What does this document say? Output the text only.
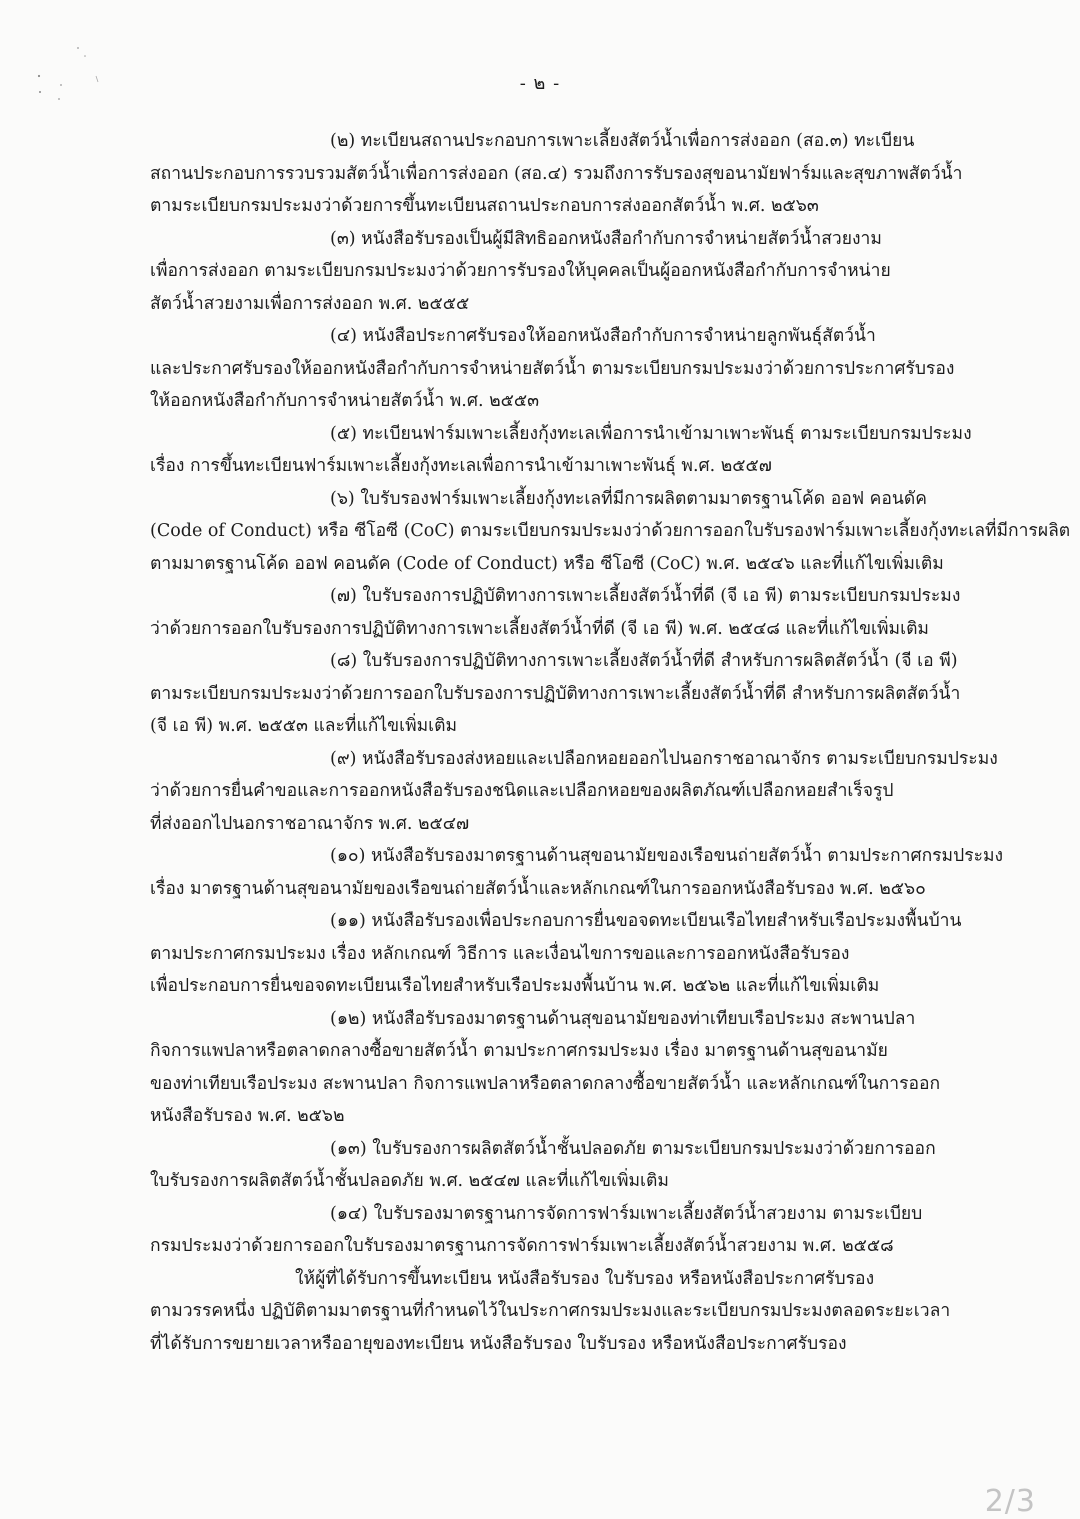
- ๒ -
(๒) ทะเบียนสถานประกอบการเพาะเลี้ยงสัตว์น้ำเพื่อการส่งออก (สอ.๓) ทะเบียน
สถานประกอบการรวบรวมสัตว์น้ำเพื่อการส่งออก (สอ.๔) รวมถึงการรับรองสุขอนามัยฟาร์มและสุขภาพสัตว์น้ำ
ตามระเบียบกรมประมงว่าด้วยการขึ้นทะเบียนสถานประกอบการส่งออกสัตว์น้ำ พ.ศ. ๒๕๖๓
(๓) หนังสือรับรองเป็นผู้มีสิทธิออกหนังสือกำกับการจำหน่ายสัตว์น้ำสวยงาม
เพื่อการส่งออก ตามระเบียบกรมประมงว่าด้วยการรับรองให้บุคคลเป็นผู้ออกหนังสือกำกับการจำหน่าย
สัตว์น้ำสวยงามเพื่อการส่งออก พ.ศ. ๒๕๕๕
(๔) หนังสือประกาศรับรองให้ออกหนังสือกำกับการจำหน่ายลูกพันธุ์สัตว์น้ำ
และประกาศรับรองให้ออกหนังสือกำกับการจำหน่ายสัตว์น้ำ ตามระเบียบกรมประมงว่าด้วยการประกาศรับรอง
ให้ออกหนังสือกำกับการจำหน่ายสัตว์น้ำ พ.ศ. ๒๕๕๓
(๕) ทะเบียนฟาร์มเพาะเลี้ยงกุ้งทะเลเพื่อการนำเข้ามาเพาะพันธุ์ ตามระเบียบกรมประมง
เรื่อง การขึ้นทะเบียนฟาร์มเพาะเลี้ยงกุ้งทะเลเพื่อการนำเข้ามาเพาะพันธุ์ พ.ศ. ๒๕๕๗
(๖) ใบรับรองฟาร์มเพาะเลี้ยงกุ้งทะเลที่มีการผลิตตามมาตรฐานโค้ด ออฟ คอนดัค
(Code of Conduct) หรือ ซีโอซี (CoC) ตามระเบียบกรมประมงว่าด้วยการออกใบรับรองฟาร์มเพาะเลี้ยงกุ้งทะเลที่มีการผลิต
ตามมาตรฐานโค้ด ออฟ คอนดัค (Code of Conduct) หรือ ซีโอซี (CoC) พ.ศ. ๒๕๔๖ และที่แก้ไขเพิ่มเติม
(๗) ใบรับรองการปฏิบัติทางการเพาะเลี้ยงสัตว์น้ำที่ดี (จี เอ พี) ตามระเบียบกรมประมง
ว่าด้วยการออกใบรับรองการปฏิบัติทางการเพาะเลี้ยงสัตว์น้ำที่ดี (จี เอ พี) พ.ศ. ๒๕๔๘ และที่แก้ไขเพิ่มเติม
(๘) ใบรับรองการปฏิบัติทางการเพาะเลี้ยงสัตว์น้ำที่ดี สำหรับการผลิตสัตว์น้ำ (จี เอ พี)
ตามระเบียบกรมประมงว่าด้วยการออกใบรับรองการปฏิบัติทางการเพาะเลี้ยงสัตว์น้ำที่ดี สำหรับการผลิตสัตว์น้ำ
(จี เอ พี) พ.ศ. ๒๕๕๓ และที่แก้ไขเพิ่มเติม
(๙) หนังสือรับรองส่งหอยและเปลือกหอยออกไปนอกราชอาณาจักร ตามระเบียบกรมประมง
ว่าด้วยการยื่นคำขอและการออกหนังสือรับรองชนิดและเปลือกหอยของผลิตภัณฑ์เปลือกหอยสำเร็จรูป
ที่ส่งออกไปนอกราชอาณาจักร พ.ศ. ๒๕๔๗
(๑๐) หนังสือรับรองมาตรฐานด้านสุขอนามัยของเรือขนถ่ายสัตว์น้ำ ตามประกาศกรมประมง
เรื่อง มาตรฐานด้านสุขอนามัยของเรือขนถ่ายสัตว์น้ำและหลักเกณฑ์ในการออกหนังสือรับรอง พ.ศ. ๒๕๖๐
(๑๑) หนังสือรับรองเพื่อประกอบการยื่นขอจดทะเบียนเรือไทยสำหรับเรือประมงพื้นบ้าน
ตามประกาศกรมประมง เรื่อง หลักเกณฑ์ วิธีการ และเงื่อนไขการขอและการออกหนังสือรับรอง
เพื่อประกอบการยื่นขอจดทะเบียนเรือไทยสำหรับเรือประมงพื้นบ้าน พ.ศ. ๒๕๖๒ และที่แก้ไขเพิ่มเติม
(๑๒) หนังสือรับรองมาตรฐานด้านสุขอนามัยของท่าเทียบเรือประมง สะพานปลา
กิจการแพปลาหรือตลาดกลางซื้อขายสัตว์น้ำ ตามประกาศกรมประมง เรื่อง มาตรฐานด้านสุขอนามัย
ของท่าเทียบเรือประมง สะพานปลา กิจการแพปลาหรือตลาดกลางซื้อขายสัตว์น้ำ และหลักเกณฑ์ในการออก
หนังสือรับรอง พ.ศ. ๒๕๖๒
(๑๓) ใบรับรองการผลิตสัตว์น้ำชั้นปลอดภัย ตามระเบียบกรมประมงว่าด้วยการออก
ใบรับรองการผลิตสัตว์น้ำชั้นปลอดภัย พ.ศ. ๒๕๔๗ และที่แก้ไขเพิ่มเติม
(๑๔) ใบรับรองมาตรฐานการจัดการฟาร์มเพาะเลี้ยงสัตว์น้ำสวยงาม ตามระเบียบ
กรมประมงว่าด้วยการออกใบรับรองมาตรฐานการจัดการฟาร์มเพาะเลี้ยงสัตว์น้ำสวยงาม พ.ศ. ๒๕๕๘
ให้ผู้ที่ได้รับการขึ้นทะเบียน หนังสือรับรอง ใบรับรอง หรือหนังสือประกาศรับรอง
ตามวรรคหนึ่ง ปฏิบัติตามมาตรฐานที่กำหนดไว้ในประกาศกรมประมงและระเบียบกรมประมงตลอดระยะเวลา
ที่ได้รับการขยายเวลาหรืออายุของทะเบียน หนังสือรับรอง ใบรับรอง หรือหนังสือประกาศรับรอง
2/3
